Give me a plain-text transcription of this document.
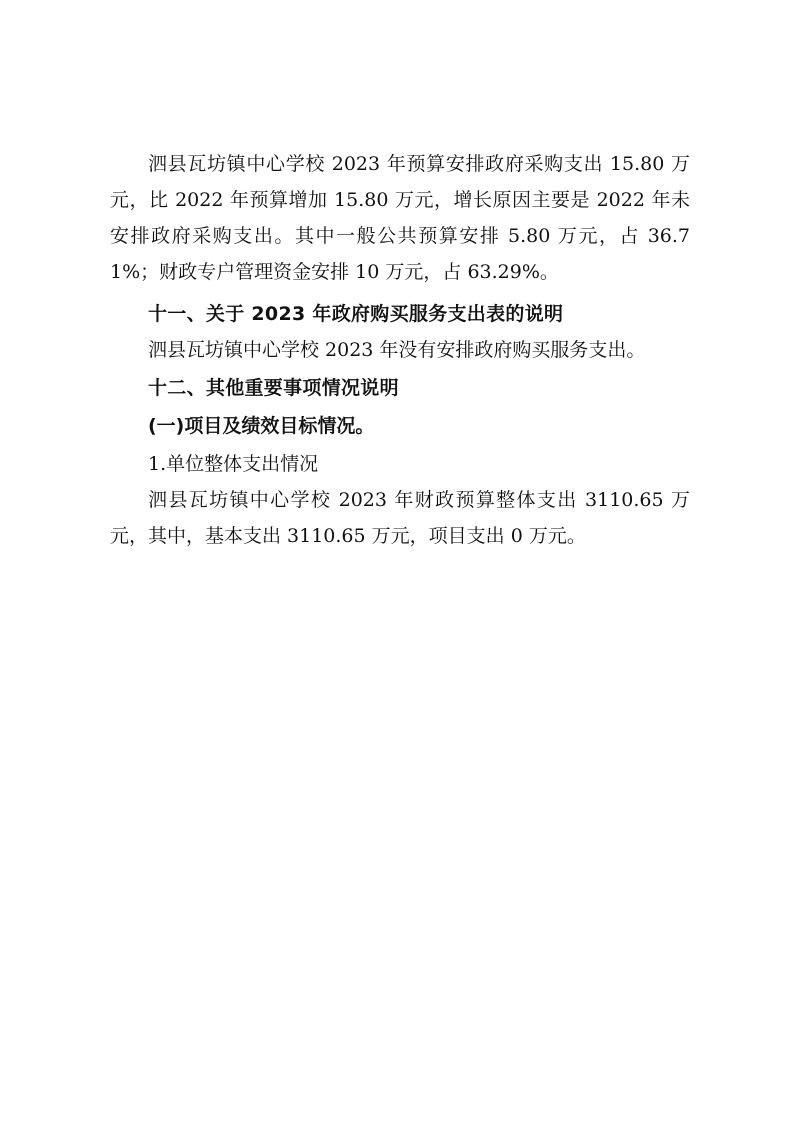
泗县瓦坊镇中心学校 2023 年预算安排政府采购支出 15.80 万元，比 2022 年预算增加 15.80 万元，增长原因主要是 2022 年未安排政府采购支出。其中一般公共预算安排 5.80 万元，占 36.71%；财政专户管理资金安排 10 万元，占 63.29%。

十一、关于 2023 年政府购买服务支出表的说明

泗县瓦坊镇中心学校 2023 年没有安排政府购买服务支出。

十二、其他重要事项情况说明

(一)项目及绩效目标情况。

1.单位整体支出情况

泗县瓦坊镇中心学校 2023 年财政预算整体支出 3110.65 万元，其中，基本支出 3110.65 万元，项目支出 0 万元。
